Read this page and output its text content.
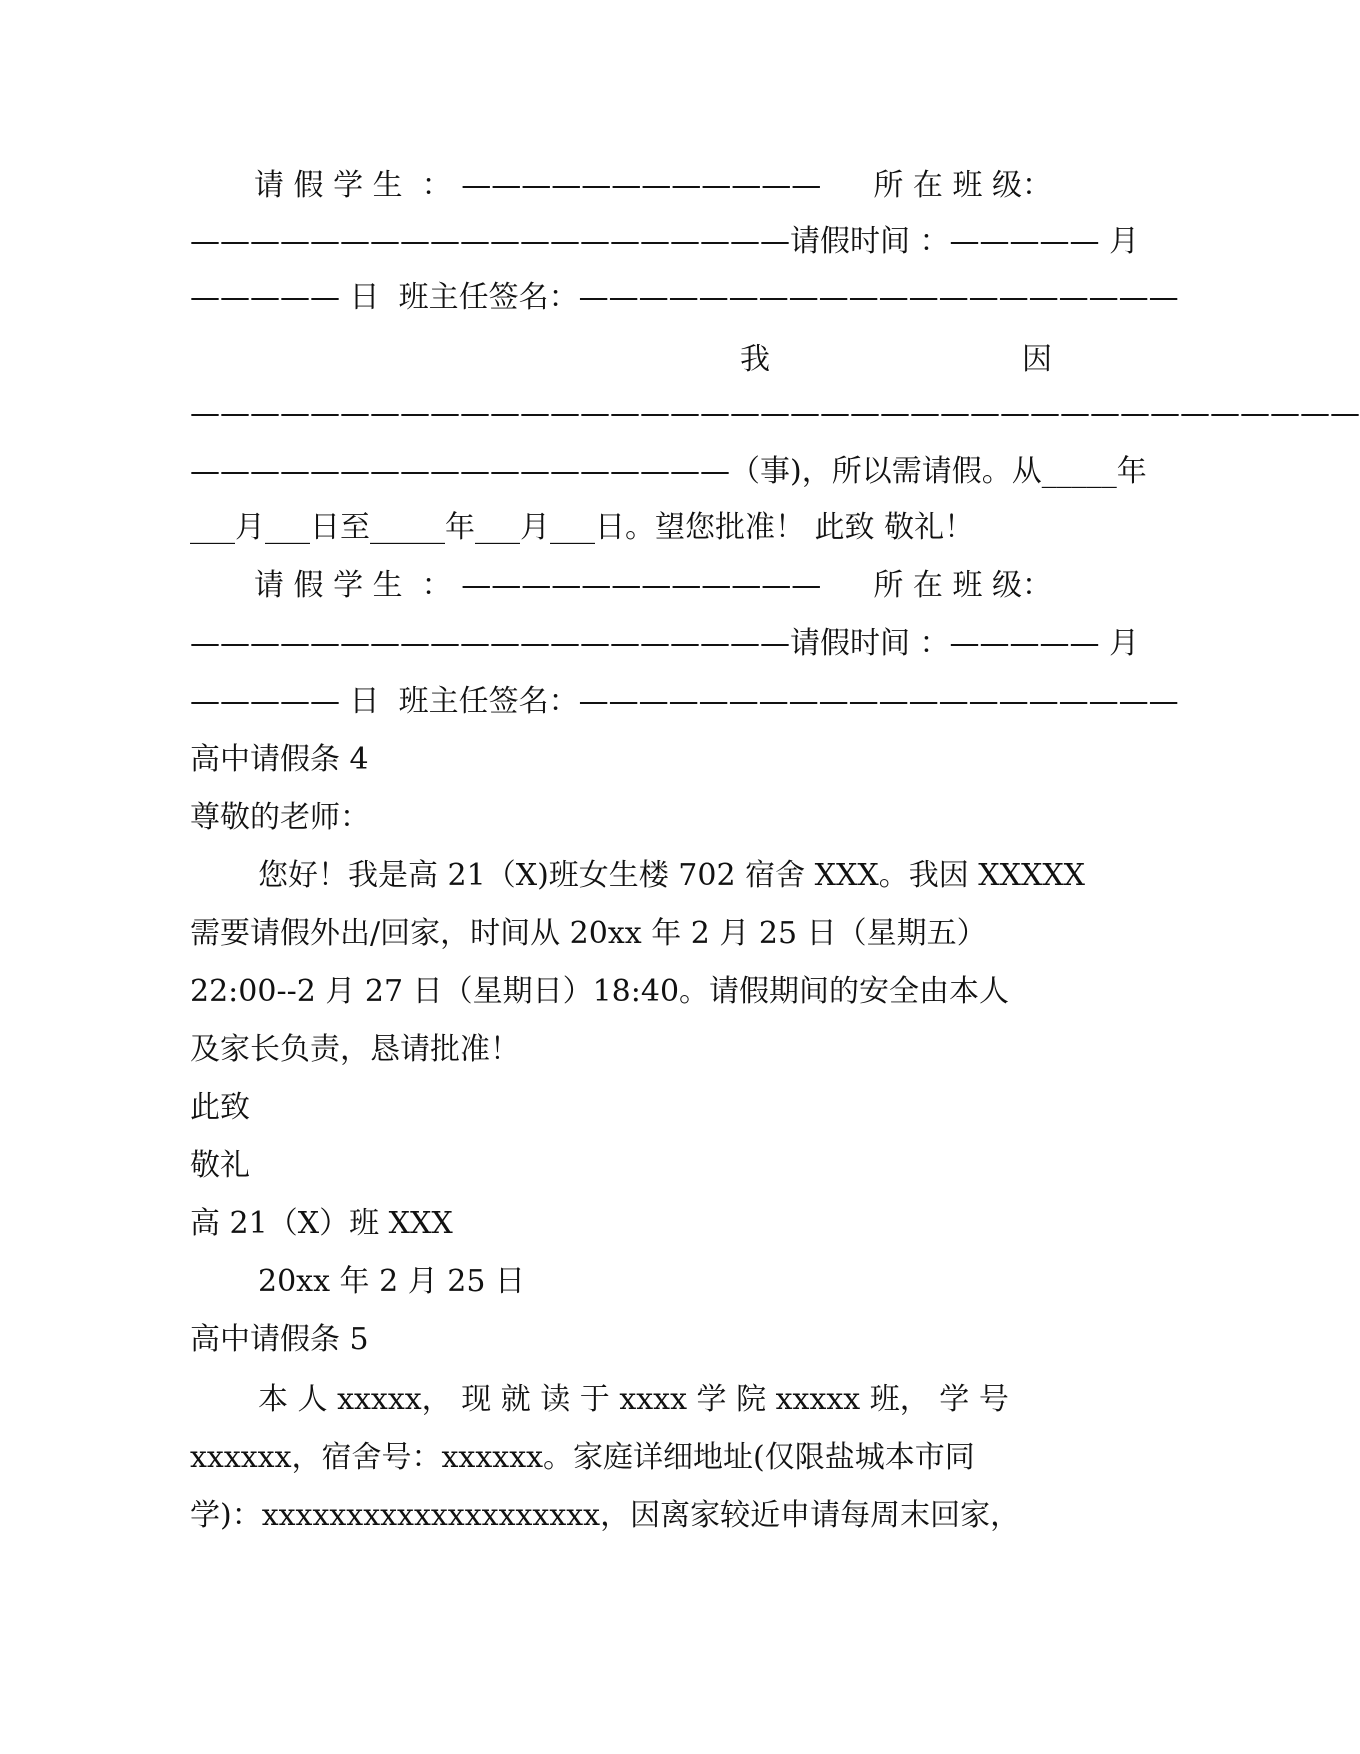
请 假 学 生  ： ———————————— 所 在 班 级：
———————————————————— 请假时间 ：————— 月
————— 日  班主任签名：————————————————————
我	因
———————————————————————————————————————
——————————————————（事)，所以需请假。从_____年
___月___日至_____年___月___日。望您批准！ 此致 敬礼！
请 假 学 生  ： ———————————— 所 在 班 级：
———————————————————— 请假时间 ：————— 月
————— 日  班主任签名：————————————————————
高中请假条 4
尊敬的老师：
您好！我是高 21（X)班女生楼 702 宿舍 XXX。我因 XXXXX
需要请假外出/回家，时间从 20xx 年 2 月 25 日（星期五）
22:00--2 月 27 日（星期日）18:40。请假期间的安全由本人
及家长负责，恳请批准！
此致
敬礼
高 21（X）班 XXX
20xx 年 2 月 25 日
高中请假条 5
本 人 xxxxx， 现 就 读 于 xxxx 学 院 xxxxx 班， 学 号
xxxxxx，宿舍号：xxxxxx。家庭详细地址(仅限盐城本市同
学)：xxxxxxxxxxxxxxxxxxxx，因离家较近申请每周末回家，
